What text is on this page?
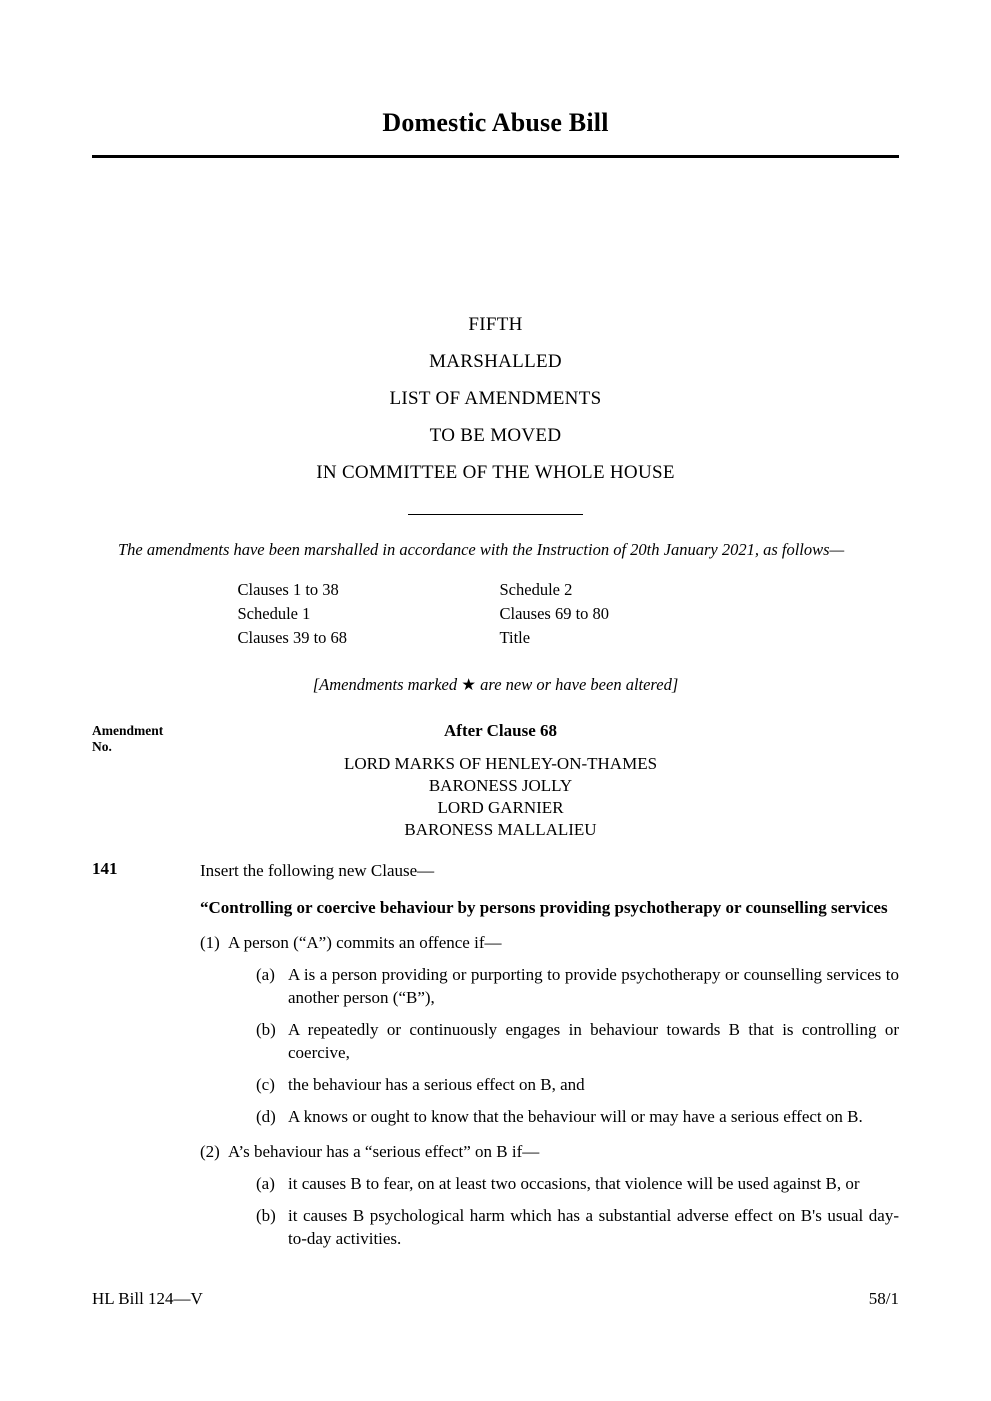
Domestic Abuse Bill
FIFTH
MARSHALLED
LIST OF AMENDMENTS
TO BE MOVED
IN COMMITTEE OF THE WHOLE HOUSE
The amendments have been marshalled in accordance with the Instruction of 20th January 2021, as follows—
Clauses 1 to 38	Schedule 2
Schedule 1	Clauses 69 to 80
Clauses 39 to 68	Title
[Amendments marked ★ are new or have been altered]
Amendment
No.
After Clause 68
LORD MARKS OF HENLEY-ON-THAMES
BARONESS JOLLY
LORD GARNIER
BARONESS MALLALIEU
141	Insert the following new Clause—
“Controlling or coercive behaviour by persons providing psychotherapy or counselling services
(1) A person (“A”) commits an offence if—
(a) A is a person providing or purporting to provide psychotherapy or counselling services to another person (“B”),
(b) A repeatedly or continuously engages in behaviour towards B that is controlling or coercive,
(c) the behaviour has a serious effect on B, and
(d) A knows or ought to know that the behaviour will or may have a serious effect on B.
(2) A’s behaviour has a “serious effect” on B if—
(a) it causes B to fear, on at least two occasions, that violence will be used against B, or
(b) it causes B psychological harm which has a substantial adverse effect on B's usual day-to-day activities.
HL Bill 124—V	58/1
